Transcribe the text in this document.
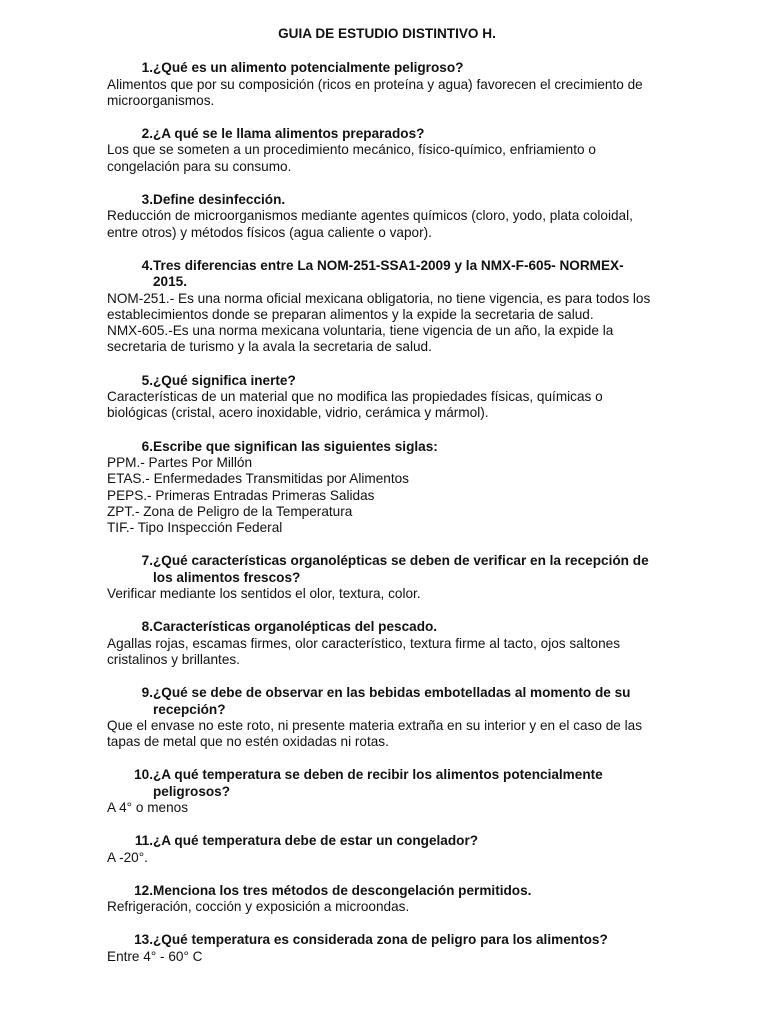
GUIA DE ESTUDIO DISTINTIVO H.
1. ¿Qué es un alimento potencialmente peligroso?
Alimentos que por su composición (ricos en proteína y agua) favorecen el crecimiento de
microorganismos.
2. ¿A qué se le llama alimentos preparados?
Los que se someten a un procedimiento mecánico, físico-químico, enfriamiento o
congelación para su consumo.
3. Define desinfección.
Reducción de microorganismos mediante agentes químicos (cloro, yodo, plata coloidal,
entre otros) y métodos físicos (agua caliente o vapor).
4. Tres diferencias entre La NOM-251-SSA1-2009 y la NMX-F-605- NORMEX-
2015.
NOM-251.- Es una norma oficial mexicana obligatoria, no tiene vigencia, es para todos los
establecimientos donde se preparan alimentos y la expide la secretaria de salud.
NMX-605.-Es una norma mexicana voluntaria, tiene vigencia de un año, la expide la
secretaria de turismo y la avala la secretaria de salud.
5. ¿Qué significa inerte?
Características de un material que no modifica las propiedades físicas, químicas o
biológicas (cristal, acero inoxidable, vidrio, cerámica y mármol).
6. Escribe que significan las siguientes siglas:
PPM.- Partes Por Millón
ETAS.- Enfermedades Transmitidas por Alimentos
PEPS.- Primeras Entradas Primeras Salidas
ZPT.- Zona de Peligro de la Temperatura
TIF.- Tipo Inspección Federal
7. ¿Qué características organolépticas se deben de verificar en la recepción de
los alimentos frescos?
Verificar mediante los sentidos el olor, textura, color.
8. Características organolépticas del pescado.
Agallas rojas, escamas firmes, olor característico, textura firme al tacto, ojos saltones
cristalinos y brillantes.
9. ¿Qué se debe de observar en las bebidas embotelladas al momento de su
recepción?
Que el envase no este roto, ni presente materia extraña en su interior y en el caso de las
tapas de metal que no estén oxidadas ni rotas.
10. ¿A qué temperatura se deben de recibir los alimentos potencialmente
peligrosos?
A 4° o menos
11. ¿A qué temperatura debe de estar un congelador?
A -20°.
12. Menciona los tres métodos de descongelación permitidos.
Refrigeración, cocción y exposición a microondas.
13. ¿Qué temperatura es considerada zona de peligro para los alimentos?
Entre 4° - 60° C
